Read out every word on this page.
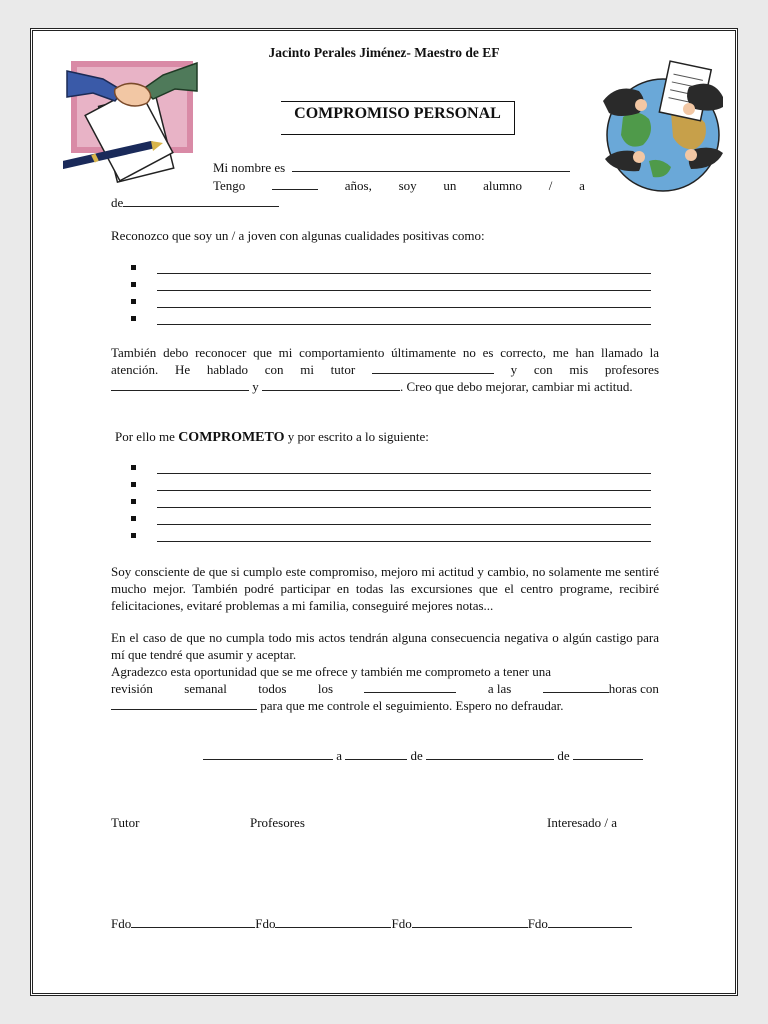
Jacinto Perales Jiménez- Maestro de EF
COMPROMISO PERSONAL
Mi nombre es
Tengo	años, soy un alumno / a
de
Reconozco que soy un / a joven con algunas cualidades positivas como:
También debo reconocer que mi comportamiento últimamente no es correcto, me han llamado la atención. He hablado con mi tutor	y con mis profesores  y	. Creo que debo mejorar, cambiar mi actitud.
Por ello me COMPROMETO y por escrito a lo siguiente:
Soy consciente de que si cumplo este compromiso, mejoro mi actitud y cambio, no solamente me sentiré mucho mejor. También podré participar en todas las excursiones que el centro programe, recibiré felicitaciones, evitaré problemas a mi familia, conseguiré mejores notas...
En el caso de que no cumpla todo mis actos tendrán alguna consecuencia negativa o algún castigo para mí que tendré que asumir y aceptar.
Agradezco esta oportunidad que se me ofrece y también me comprometo a tener una
revisión semanal todos los	a las	horas con
para que me controle el seguimiento. Espero no defraudar.
a	de	de
Tutor	Profesores	Interesado / a
Fdo	Fdo	Fdo	Fdo
